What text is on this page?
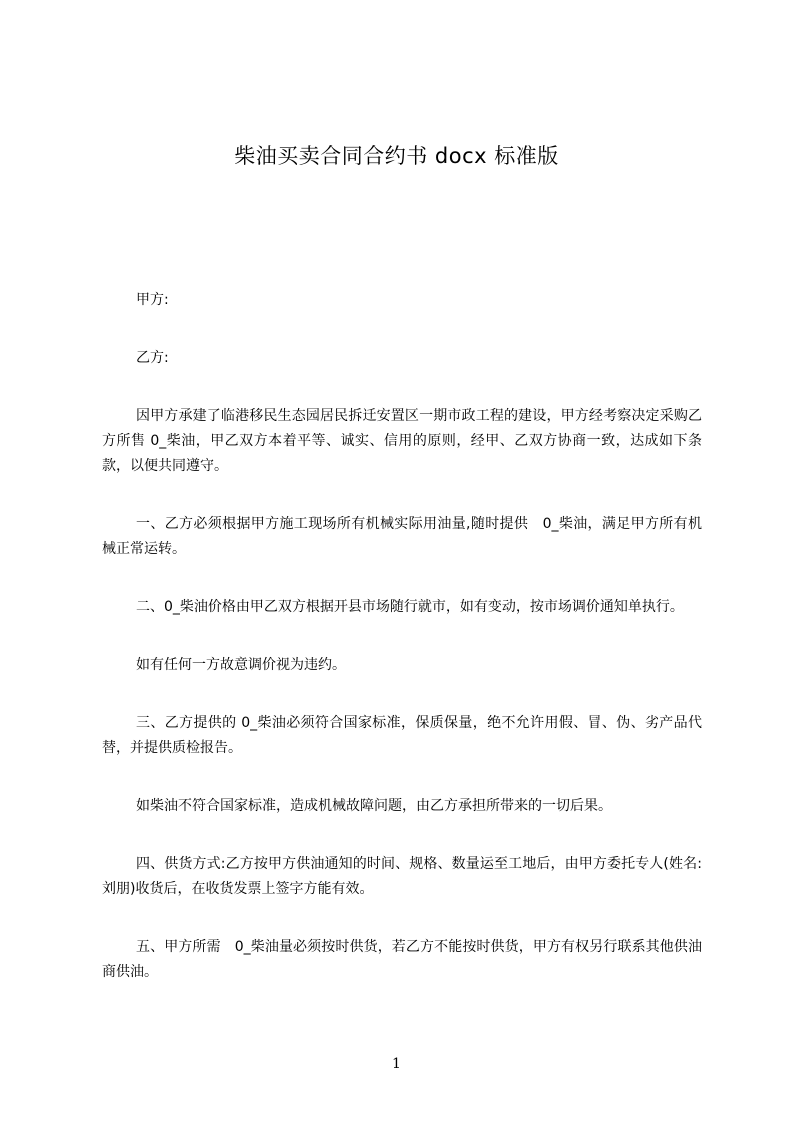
柴油买卖合同合约书 docx 标准版

甲方:

乙方:

因甲方承建了临港移民生态园居民拆迁安置区一期市政工程的建设，甲方经考察决定采购乙方所售 0_柴油，甲乙双方本着平等、诚实、信用的原则，经甲、乙双方协商一致，达成如下条款，以便共同遵守。

一、乙方必须根据甲方施工现场所有机械实际用油量,随时提供　0_柴油，满足甲方所有机械正常运转。

二、0_柴油价格由甲乙双方根据开县市场随行就市，如有变动，按市场调价通知单执行。

如有任何一方故意调价视为违约。

三、乙方提供的 0_柴油必须符合国家标准，保质保量，绝不允许用假、冒、伪、劣产品代替，并提供质检报告。

如柴油不符合国家标准，造成机械故障问题，由乙方承担所带来的一切后果。

四、供货方式:乙方按甲方供油通知的时间、规格、数量运至工地后，由甲方委托专人(姓名:刘朋)收货后，在收货发票上签字方能有效。

五、甲方所需　0_柴油量必须按时供货，若乙方不能按时供货，甲方有权另行联系其他供油商供油。

1
